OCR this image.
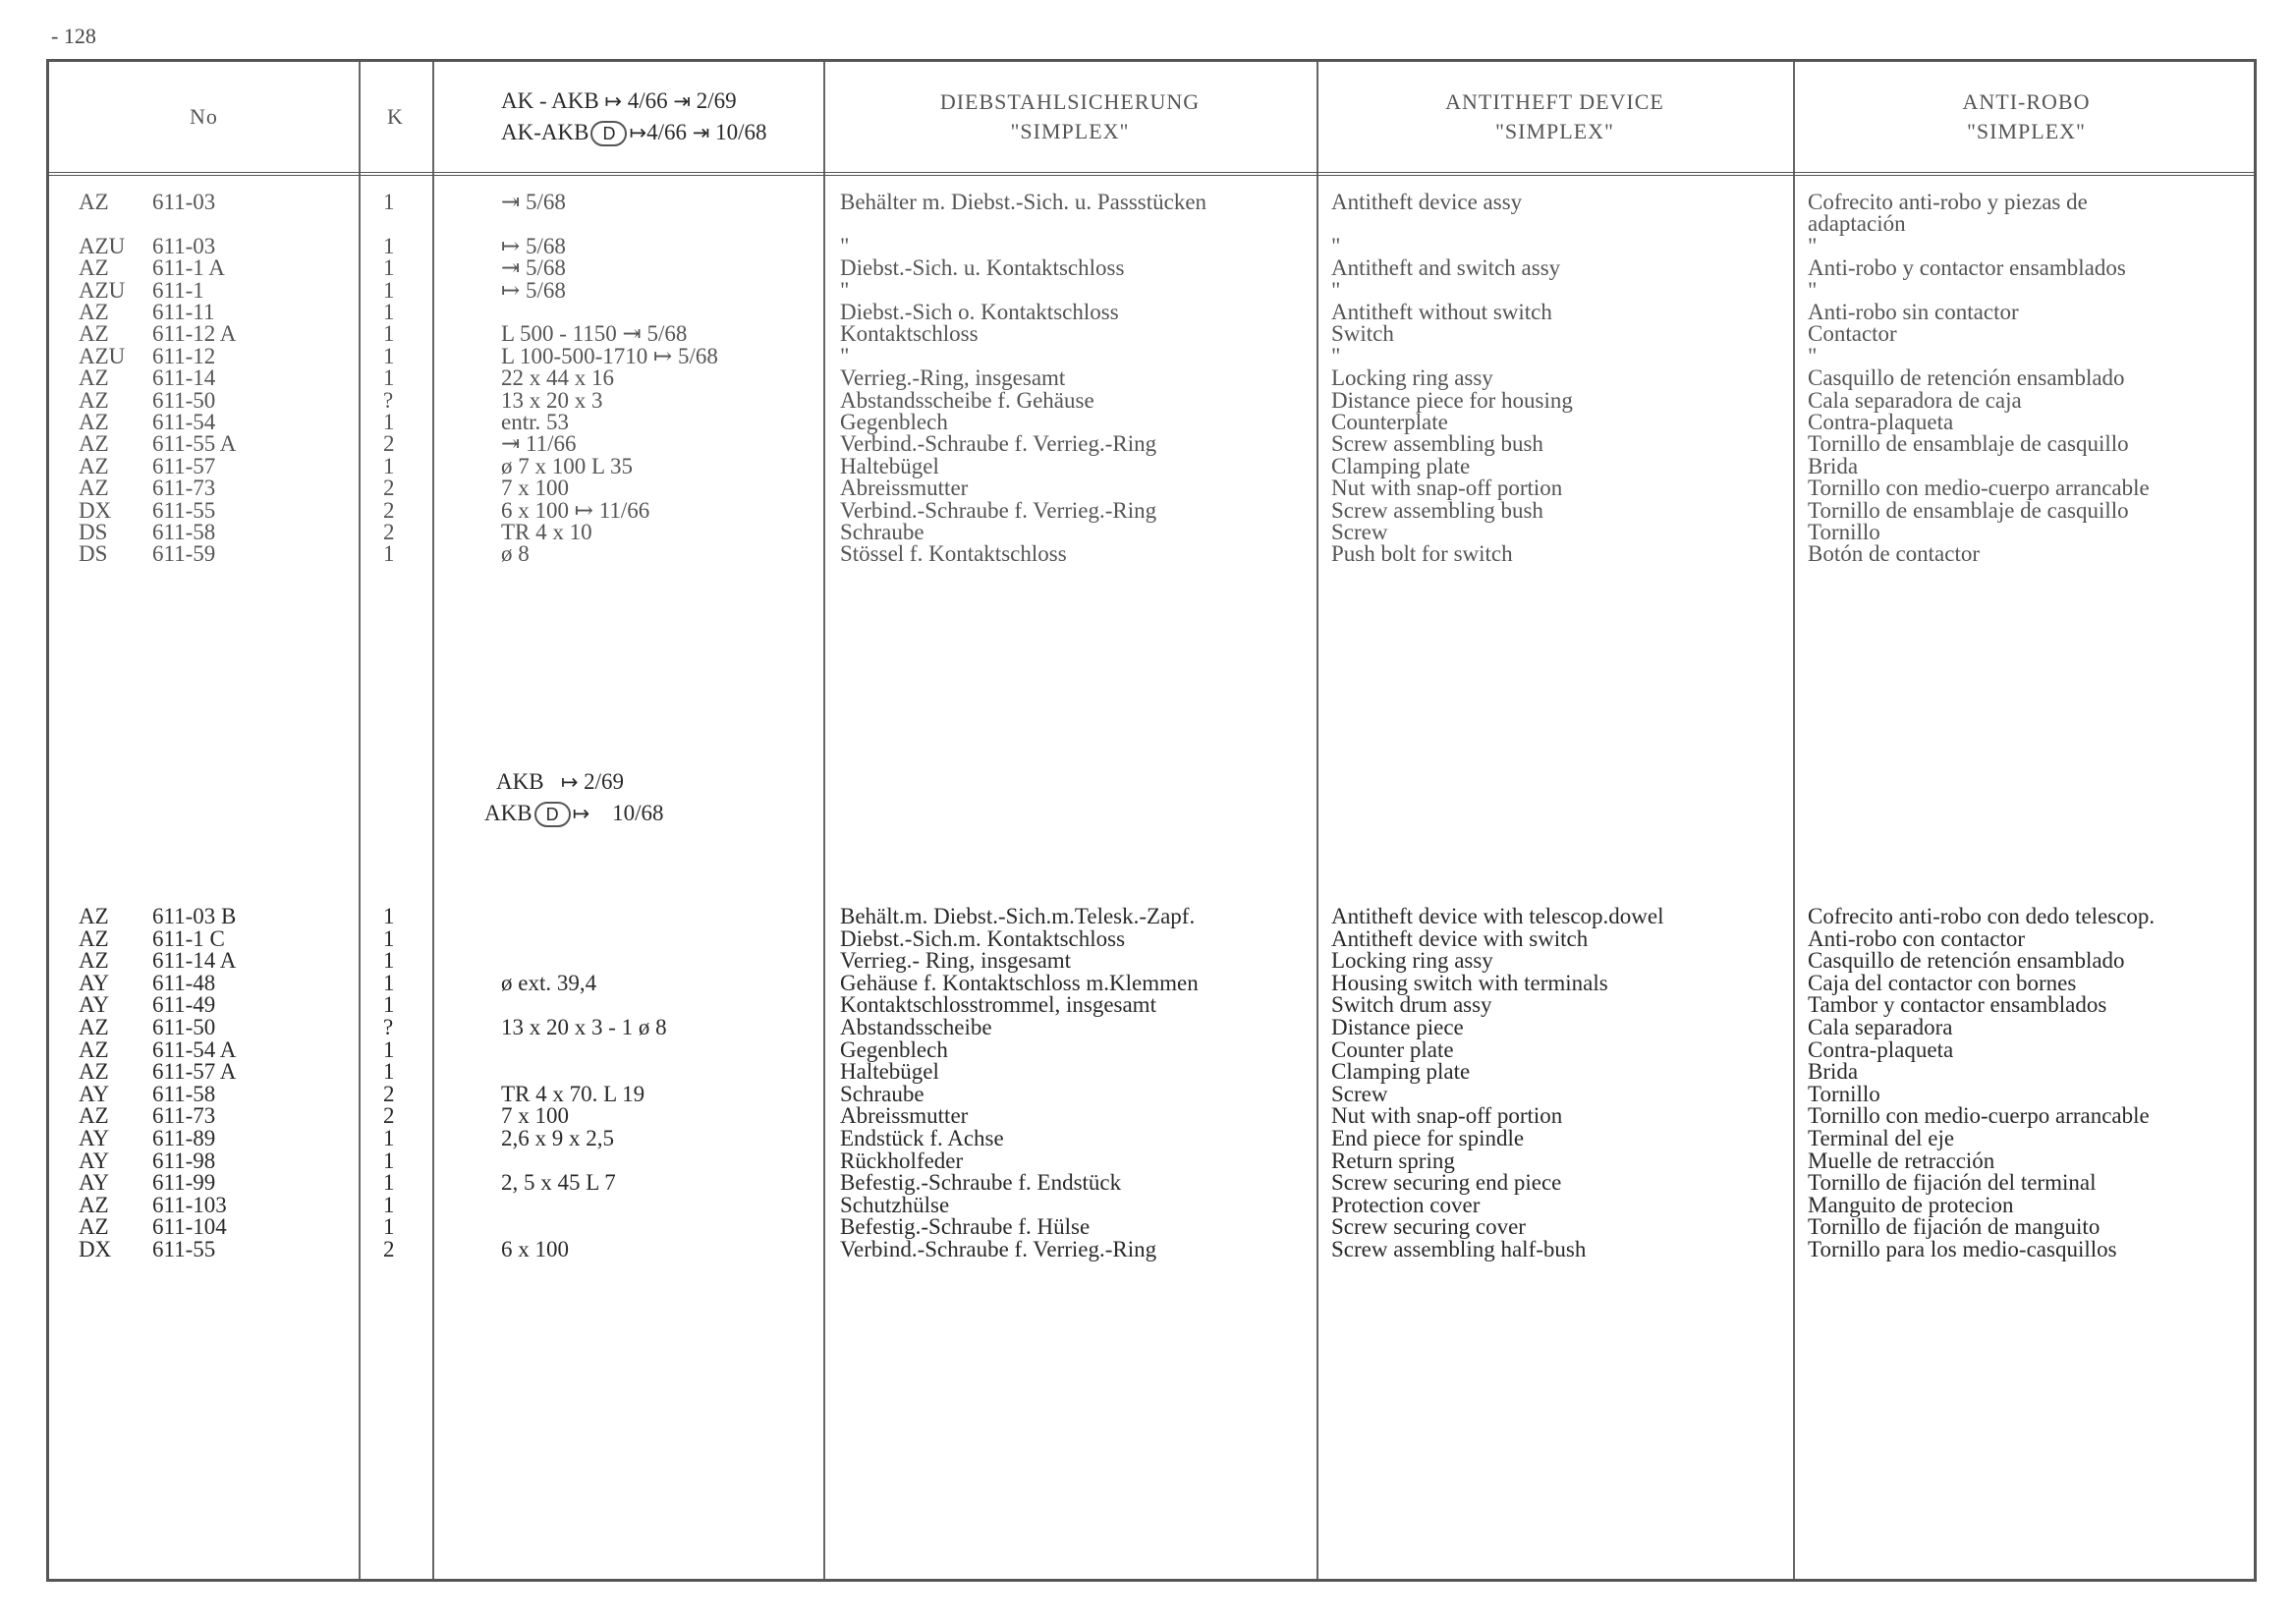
- 128
No	K
AK - AKB ↦ 4/66 ⇥ 2/69
AK-AKB D ↦4/66 ⇥ 10/68
DIEBSTAHLSICHERUNG
"SIMPLEX"
ANTITHEFT DEVICE
"SIMPLEX"
ANTI-ROBO
"SIMPLEX"
AKB ↦ 2/69
AKB D ↦ 10/68
AZ	611-03	1	⇥ 5/68	Behälter m. Diebst.-Sich. u. Passstücken	Antitheft device assy	Cofrecito anti-robo y piezas de
adaptación
AZU	611-03	1	↦ 5/68	"	"	"
AZ	611-1 A	1	⇥ 5/68	Diebst.-Sich. u. Kontaktschloss	Antitheft and switch assy	Anti-robo y contactor ensamblados
AZU	611-1	1	↦ 5/68	"	"	"
AZ	611-11	1	Diebst.-Sich o. Kontaktschloss	Antitheft without switch	Anti-robo sin contactor
AZ	611-12 A	1	L 500 - 1150 ⇥ 5/68	Kontaktschloss	Switch	Contactor
AZU	611-12	1	L 100-500-1710 ↦ 5/68	"	"	"
AZ	611-14	1	22 x 44 x 16	Verrieg.-Ring, insgesamt	Locking ring assy	Casquillo de retención ensamblado
AZ	611-50	?	13 x 20 x 3	Abstandsscheibe f. Gehäuse	Distance piece for housing	Cala separadora de caja
AZ	611-54	1	entr. 53	Gegenblech	Counterplate	Contra-plaqueta
AZ	611-55 A	2	⇥ 11/66	Verbind.-Schraube f. Verrieg.-Ring	Screw assembling bush	Tornillo de ensamblaje de casquillo
AZ	611-57	1	ø 7 x 100 L 35	Haltebügel	Clamping plate	Brida
AZ	611-73	2	7 x 100	Abreissmutter	Nut with snap-off portion	Tornillo con medio-cuerpo arrancable
DX	611-55	2	6 x 100 ↦ 11/66	Verbind.-Schraube f. Verrieg.-Ring	Screw assembling bush	Tornillo de ensamblaje de casquillo
DS	611-58	2	TR 4 x 10	Schraube	Screw	Tornillo
DS	611-59	1	ø 8	Stössel f. Kontaktschloss	Push bolt for switch	Botón de contactor
AZ	611-03 B	1	Behält.m. Diebst.-Sich.m.Telesk.-Zapf.	Antitheft device with telescop.dowel	Cofrecito anti-robo con dedo telescop.
AZ	611-1 C	1	Diebst.-Sich.m. Kontaktschloss	Antitheft device with switch	Anti-robo con contactor
AZ	611-14 A	1	Verrieg.- Ring, insgesamt	Locking ring assy	Casquillo de retención ensamblado
AY	611-48	1	ø ext. 39,4	Gehäuse f. Kontaktschloss m.Klemmen	Housing switch with terminals	Caja del contactor con bornes
AY	611-49	1	Kontaktschlosstrommel, insgesamt	Switch drum assy	Tambor y contactor ensamblados
AZ	611-50	?	13 x 20 x 3 - 1 ø 8	Abstandsscheibe	Distance piece	Cala separadora
AZ	611-54 A	1	Gegenblech	Counter plate	Contra-plaqueta
AZ	611-57 A	1	Haltebügel	Clamping plate	Brida
AY	611-58	2	TR 4 x 70. L 19	Schraube	Screw	Tornillo
AZ	611-73	2	7 x 100	Abreissmutter	Nut with snap-off portion	Tornillo con medio-cuerpo arrancable
AY	611-89	1	2,6 x 9 x 2,5	Endstück f. Achse	End piece for spindle	Terminal del eje
AY	611-98	1	Rückholfeder	Return spring	Muelle de retracción
AY	611-99	1	2, 5 x 45 L 7	Befestig.-Schraube f. Endstück	Screw securing end piece	Tornillo de fijación del terminal
AZ	611-103	1	Schutzhülse	Protection cover	Manguito de protecion
AZ	611-104	1	Befestig.-Schraube f. Hülse	Screw securing cover	Tornillo de fijación de manguito
DX	611-55	2	6 x 100	Verbind.-Schraube f. Verrieg.-Ring	Screw assembling half-bush	Tornillo para los medio-casquillos
